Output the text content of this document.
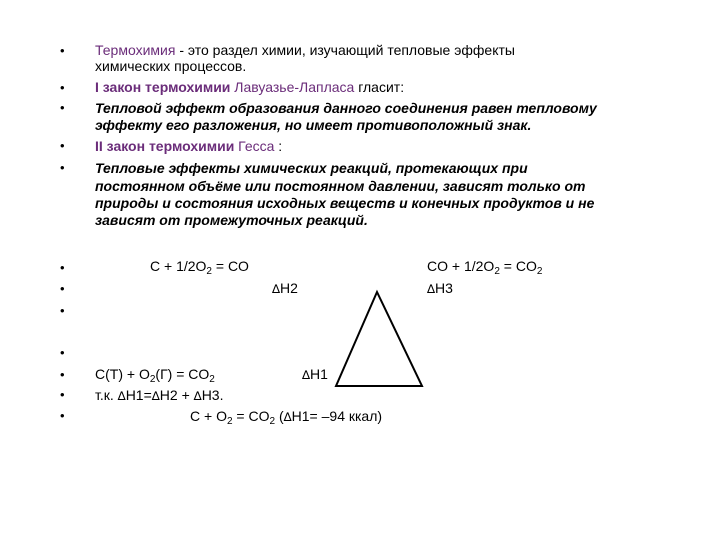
•
•
•
•
•
•
•
•
•
•
•
•
Термохимия - это раздел химии, изучающий тепловые эффекты
химических процессов.
I закон термохимии Лавуазье-Лапласа гласит:
Тепловой эффект образования данного соединения равен тепловому
эффекту его разложения, но имеет противоположный знак.
II закон термохимии Гесса :
Тепловые эффекты химических реакций, протекающих при
постоянном объёме или постоянном давлении, зависят только от
природы и состояния исходных веществ и конечных продуктов и не
зависят от промежуточных реакций.
$С + 1/2O_2$ = CO	CO + $1/2O_2 = CO_2$
∆H2	∆H3
$С(Т) + O_2(Г) = CO_2$	∆H1
т.к. ∆H1=∆H2 + ∆H3.
$С + O_2 = CO_2$ (∆H1= –94 ккал)
